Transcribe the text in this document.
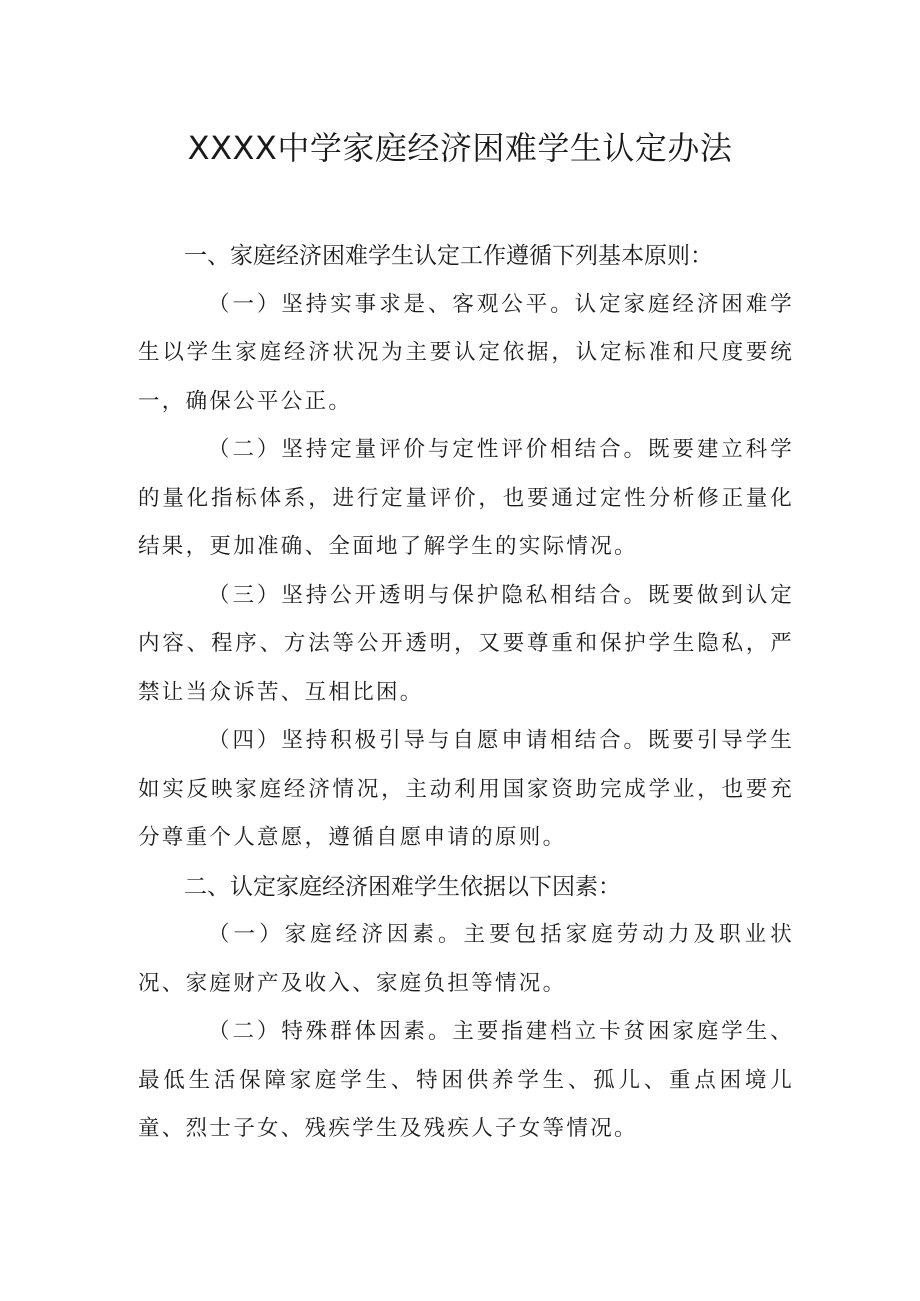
XXXX中学家庭经济困难学生认定办法
一、家庭经济困难学生认定工作遵循下列基本原则：

（一）坚持实事求是、客观公平。认定家庭经济困难学生以学生家庭经济状况为主要认定依据，认定标准和尺度要统一，确保公平公正。

（二）坚持定量评价与定性评价相结合。既要建立科学的量化指标体系，进行定量评价，也要通过定性分析修正量化结果，更加准确、全面地了解学生的实际情况。

（三）坚持公开透明与保护隐私相结合。既要做到认定内容、程序、方法等公开透明，又要尊重和保护学生隐私，严禁让当众诉苦、互相比困。

（四）坚持积极引导与自愿申请相结合。既要引导学生如实反映家庭经济情况，主动利用国家资助完成学业，也要充分尊重个人意愿，遵循自愿申请的原则。

二、认定家庭经济困难学生依据以下因素：

（一）家庭经济因素。主要包括家庭劳动力及职业状况、家庭财产及收入、家庭负担等情况。

（二）特殊群体因素。主要指建档立卡贫困家庭学生、最低生活保障家庭学生、特困供养学生、孤儿、重点困境儿童、烈士子女、残疾学生及残疾人子女等情况。
